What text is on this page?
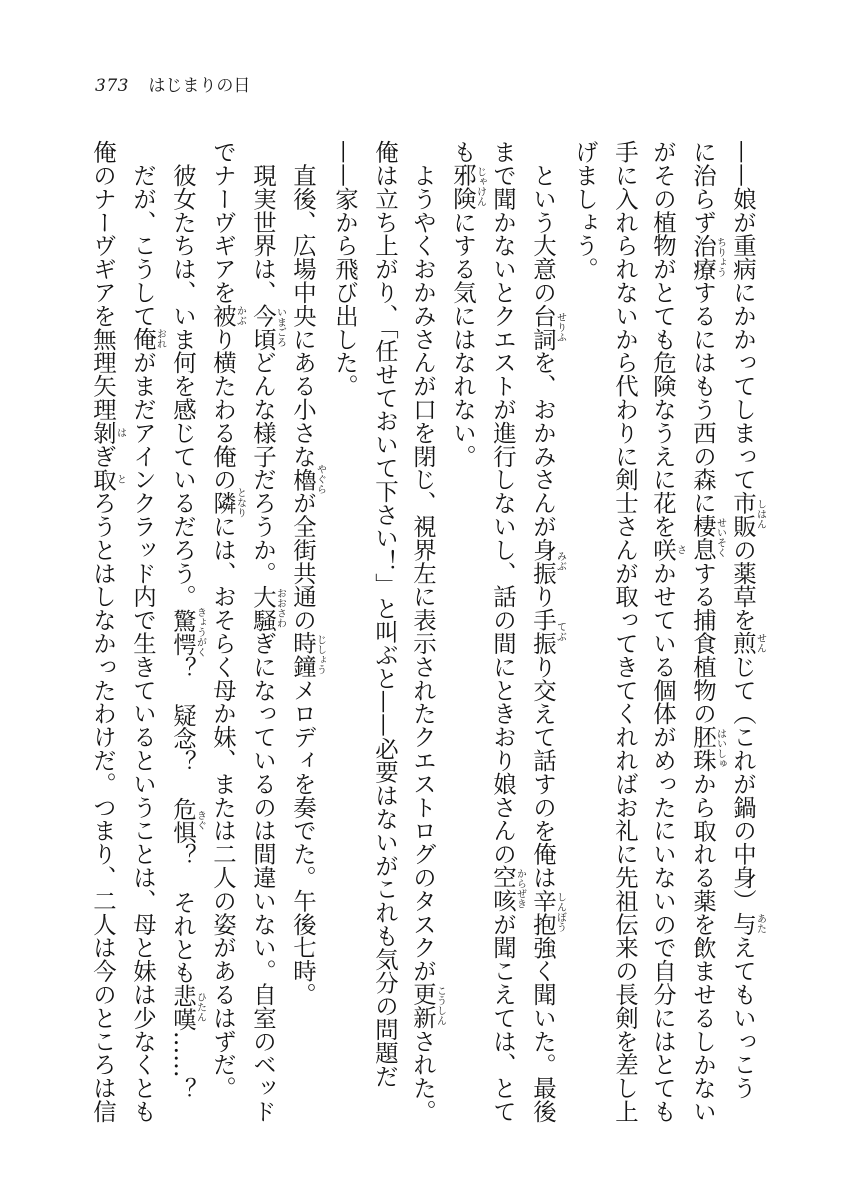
373 はじまりの日
——娘が重病にかかってしまって市販しはんの薬草を煎せんじて（これが鍋の中身）与あたえてもいっこう
に治らず治療ちりょうするにはもう西の森に棲息せいそくする捕食植物の胚珠はいしゅから取れる薬を飲ませるしかない
がその植物がとても危険なうえに花を咲さかせている個体がめったにいないので自分にはとても
手に入れられないから代わりに剣士さんが取ってきてくれればお礼に先祖伝来の長剣を差し上
げましょう。
　という大意の台詞せりふを、おかみさんが身振みぶり手振てぶり交えて話すのを俺は辛抱しんぼう強く聞いた。最後
まで聞かないとクエストが進行しないし、話の間にときおり娘さんの空咳からぜきが聞こえては、とて
も邪険じゃけんにする気にはなれない。
　ようやくおかみさんが口を閉じ、視界左に表示されたクエストログのタスクが更新こうしんされた。
俺は立ち上がり、「任せておいて下さい！」と叫ぶと——必要はないがこれも気分の問題だ
——家から飛び出した。
　直後、広場中央にある小さな櫓やぐらが全街共通の時鐘じしょうメロディを奏でた。午後七時。
　現実世界は、今頃いまごろどんな様子だろうか。大騒おおさわぎになっているのは間違いない。自室のベッド
でナーヴギアを被かぶり横たわる俺の隣となりには、おそらく母か妹、または二人の姿があるはずだ。
　彼女たちは、いま何を感じているだろう。驚愕きょうがく？　疑念？　危惧きぐ？　それとも悲嘆ひたん……？
　だが、こうして俺おれがまだアインクラッド内で生きているということは、母と妹は少なくとも
俺のナーヴギアを無理矢理剝はぎ取とろうとはしなかったわけだ。つまり、二人は今のところは信
